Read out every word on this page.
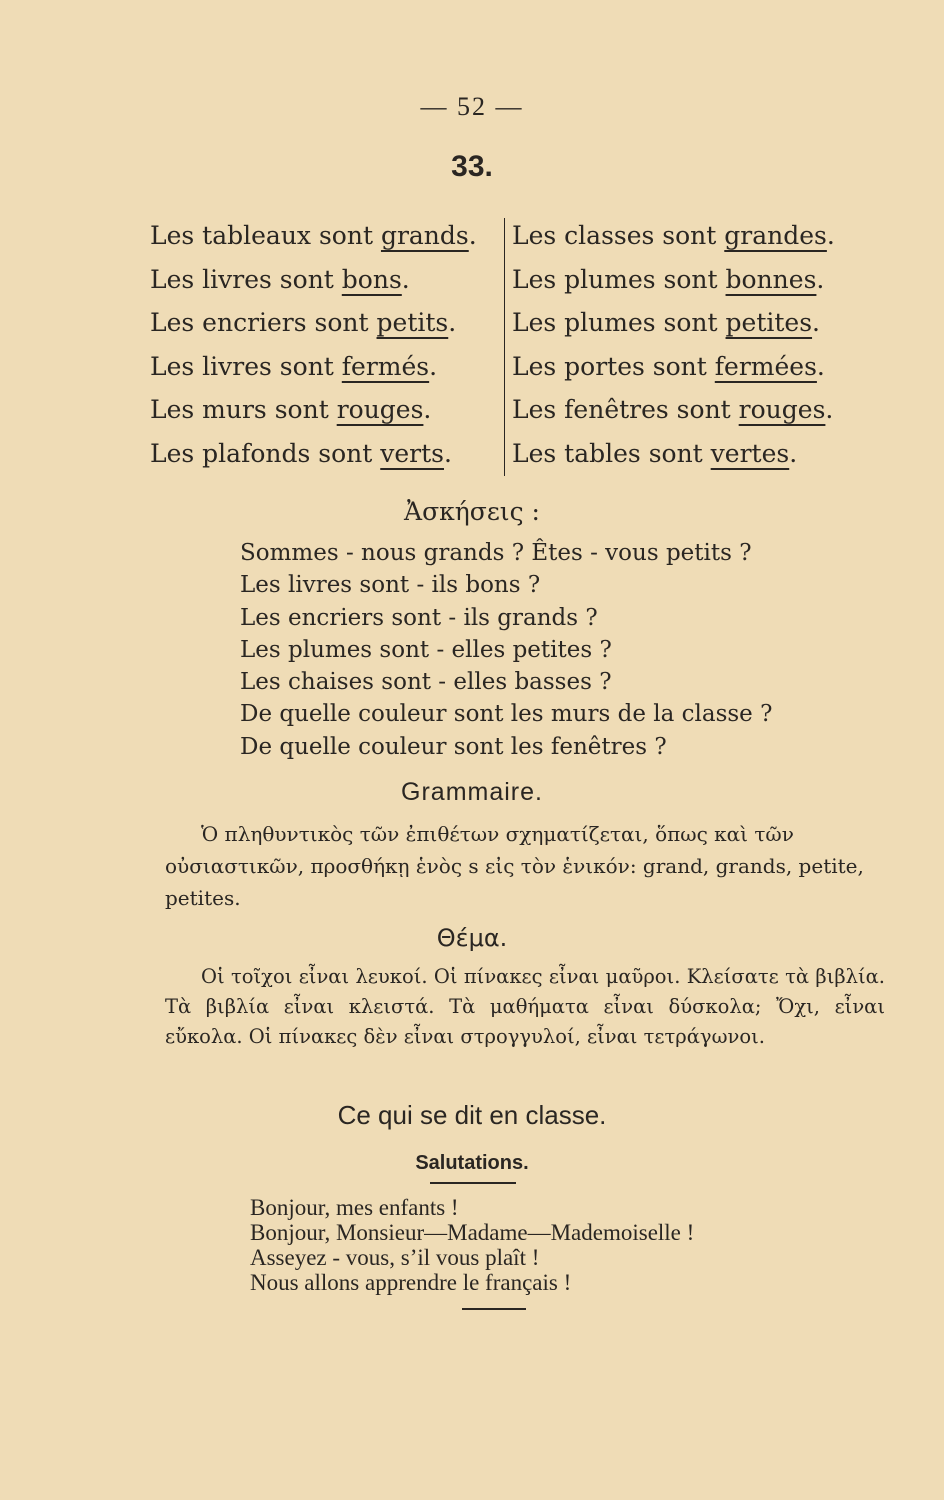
— 52 —
33.
Les tableaux sont grands.
Les livres sont bons.
Les encriers sont petits.
Les livres sont fermés.
Les murs sont rouges.
Les plafonds sont verts.
Les classes sont grandes.
Les plumes sont bonnes.
Les plumes sont petites.
Les portes sont fermées.
Les fenêtres sont rouges.
Les tables sont vertes.
Ἀσκήσεις :
Sommes - nous grands ? Êtes - vous petits ?
Les livres sont - ils bons ?
Les encriers sont - ils grands ?
Les plumes sont - elles petites ?
Les chaises sont - elles basses ?
De quelle couleur sont les murs de la classe ?
De quelle couleur sont les fenêtres ?
Grammaire.
Ὁ πληθυντικὸς τῶν ἐπιθέτων σχηματίζεται, ὅπως καὶ τῶν οὐσιαστικῶν, προσθήκῃ ἑνὸς s εἰς τὸν ἑνικόν: grand, grands, petite, petites.
Θέμα.
Οἱ τοῖχοι εἶναι λευκοί. Οἱ πίνακες εἶναι μαῦροι. Κλείσατε τὰ βιβλία. Τὰ βιβλία εἶναι κλειστά. Τὰ μαθήματα εἶναι δύσκολα; Ὄχι, εἶναι εὔκολα. Οἱ πίνακες δὲν εἶναι στρογγυλοί, εἶναι τετράγωνοι.
Ce qui se dit en classe.
Salutations.
Bonjour, mes enfants !
Bonjour, Monsieur—Madame—Mademoiselle !
Asseyez - vous, s’il vous plaît !
Nous allons apprendre le français !
